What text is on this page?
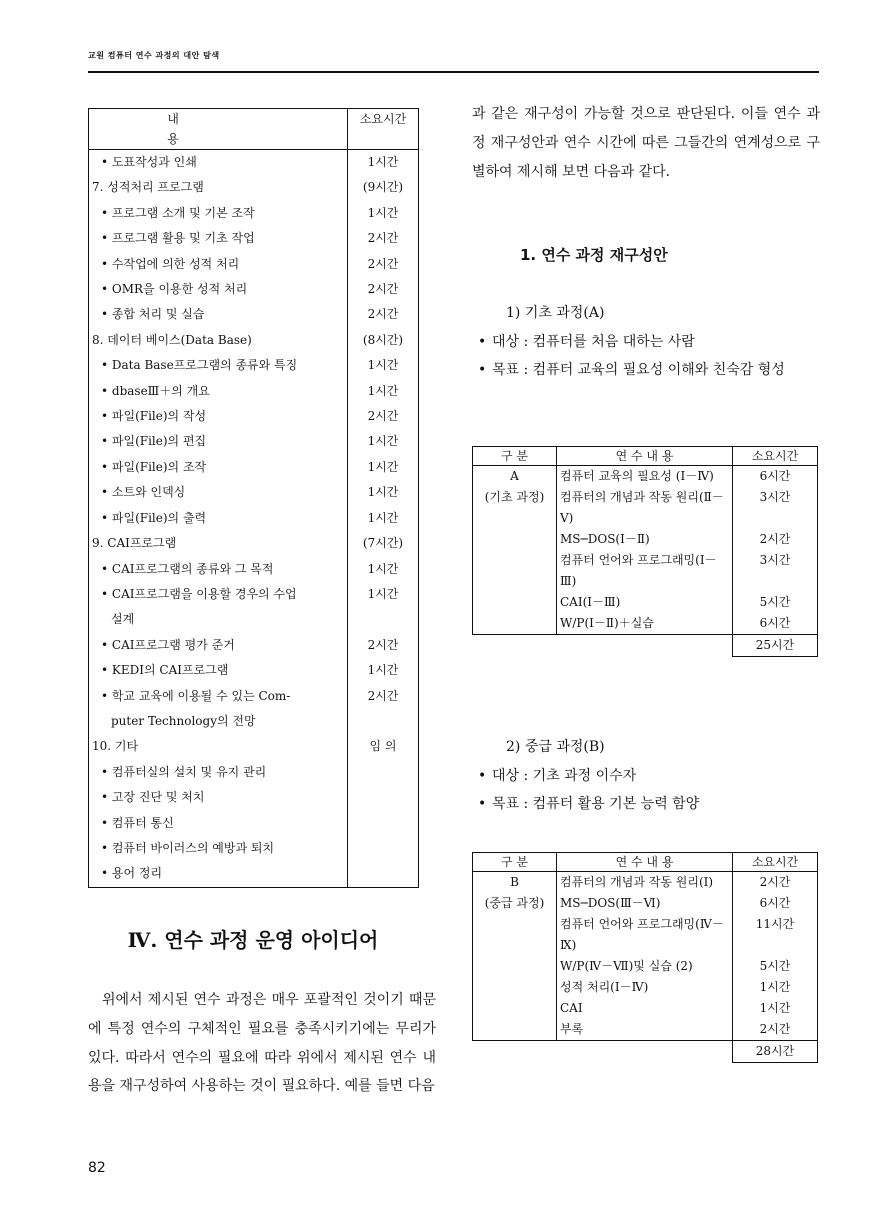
교원 컴퓨터 연수 과정의 대안 탐색
내 용	소요시간
• 도표작성과 인쇄	1시간
7. 성적처리 프로그램	(9시간)
• 프로그램 소개 및 기본 조작	1시간
• 프로그램 활용 및 기초 작업	2시간
• 수작업에 의한 성적 처리	2시간
• OMR을 이용한 성적 처리	2시간
• 종합 처리 및 실습	2시간
8. 데이터 베이스(Data Base)	(8시간)
• Data Base프로그램의 종류와 특징	1시간
• dbaseⅢ＋의 개요	1시간
• 파일(File)의 작성	2시간
• 파일(File)의 편집	1시간
• 파일(File)의 조작	1시간
• 소트와 인덱싱	1시간
• 파일(File)의 출력	1시간
9. CAI프로그램	(7시간)
• CAI프로그램의 종류와 그 목적	1시간
• CAI프로그램을 이용할 경우의 수업	1시간
설계	
• CAI프로그램 평가 준거	2시간
• KEDI의 CAI프로그램	1시간
• 학교 교육에 이용될 수 있는 Com-	2시간
puter Technology의 전망	
10. 기타	임 의
• 컴퓨터실의 설치 및 유지 관리	
• 고장 진단 및 처치	
• 컴퓨터 통신	
• 컴퓨터 바이러스의 예방과 퇴치	
• 용어 정리	
Ⅳ. 연수 과정 운영 아이디어

위에서 제시된 연수 과정은 매우 포괄적인 것이기 때문에 특정 연수의 구체적인 필요를 충족시키기에는 무리가 있다. 따라서 연수의 필요에 따라 위에서 제시된 연수 내용을 재구성하여 사용하는 것이 필요하다. 예를 들면 다음

82

과 같은 재구성이 가능할 것으로 판단된다. 이들 연수 과정 재구성안과 연수 시간에 따른 그들간의 연계성으로 구별하여 제시해 보면 다음과 같다.

1. 연수 과정 재구성안
1) 기초 과정(A)
• 대상 : 컴퓨터를 처음 대하는 사람
• 목표 : 컴퓨터 교육의 필요성 이해와 친숙감 형성
구 분	연 수 내 용	소요시간
A	컴퓨터 교육의 필요성 (Ⅰ－Ⅳ)	6시간
(기초 과정)	컴퓨터의 개념과 작동 원리(Ⅱ－Ⅴ)	3시간
	MS─DOS(Ⅰ－Ⅱ)	2시간
	컴퓨터 언어와 프로그래밍(Ⅰ－Ⅲ)	3시간
	CAI(Ⅰ－Ⅲ)	5시간
	W/P(Ⅰ－Ⅱ)＋실습	6시간
		25시간
2) 중급 과정(B)
• 대상 : 기초 과정 이수자
• 목표 : 컴퓨터 활용 기본 능력 함양
구 분	연 수 내 용	소요시간
B	컴퓨터의 개념과 작동 원리(Ⅰ)	2시간
(중급 과정)	MS─DOS(Ⅲ－Ⅵ)	6시간
	컴퓨터 언어와 프로그래밍(Ⅳ－Ⅸ)	11시간
	W/P(Ⅳ－Ⅶ)및 실습 (2)	5시간
	성적 처리(Ⅰ－Ⅳ)	1시간
	CAI	1시간
	부록	2시간
		28시간
